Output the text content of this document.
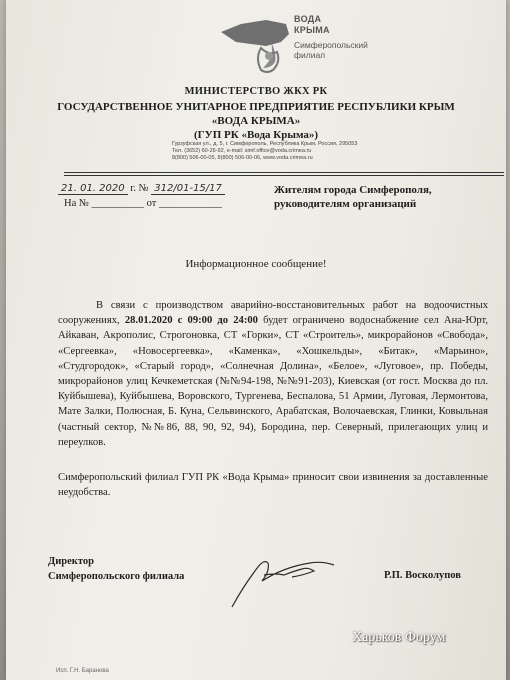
ВОДА
КРЫМА
Симферопольский
филиал
МИНИСТЕРСТВО ЖКХ РК
ГОСУДАРСТВЕННОЕ УНИТАРНОЕ ПРЕДПРИЯТИЕ РЕСПУБЛИКИ КРЫМ
«ВОДА КРЫМА»
(ГУП РК «Вода Крыма»)
Гурзуфская ул., д. 5, г. Симферополь, Республика Крым, Россия, 295053
Тел. (3652) 60-26-92, e-mail: simf.office@voda.crimea.ru
8(800) 506-00-05, 8(800) 506-00-06, www.voda.crimea.ru
21. 01. 2020 г. № 312/01-15/17
На № __________ от ____________
Жителям города Симферополя,
руководителям организаций
Информационное сообщение!
В связи с производством аварийно-восстановительных работ на водоочистных сооружениях, 28.01.2020 с 09:00 до 24:00 будет ограничено водоснабжение сел Ана-Юрт, Айкаван, Акрополис, Строгоновка, СТ «Горки», СТ «Строитель», микрорайонов «Свобода», «Сергеевка», «Новосергеевка», «Каменка», «Хошкельды», «Битак», «Марьино», «Студгородок», «Старый город», «Солнечная Долина», «Белое», «Луговое», пр. Победы, микрорайонов улиц Кечкеметская (№№94-198, №№91-203), Киевская (от гост. Москва до пл. Куйбышева), Куйбышева, Воровского, Тургенева, Беспалова, 51 Армии, Луговая, Лермонтова, Мате Залки, Полюсная, Б. Куна, Сельвинского, Арабатская, Волочаевская, Глинки, Ковыльная (частный сектор, №№86, 88, 90, 92, 94), Бородина, пер. Северный, прилегающих улиц и переулков.
Симферопольский филиал ГУП РК «Вода Крыма» приносит свои извинения за доставленные неудобства.
Директор
Симферопольского филиала	Р.П. Восколупов
Исп. Г.Н. Баранова
Харьков Форум
